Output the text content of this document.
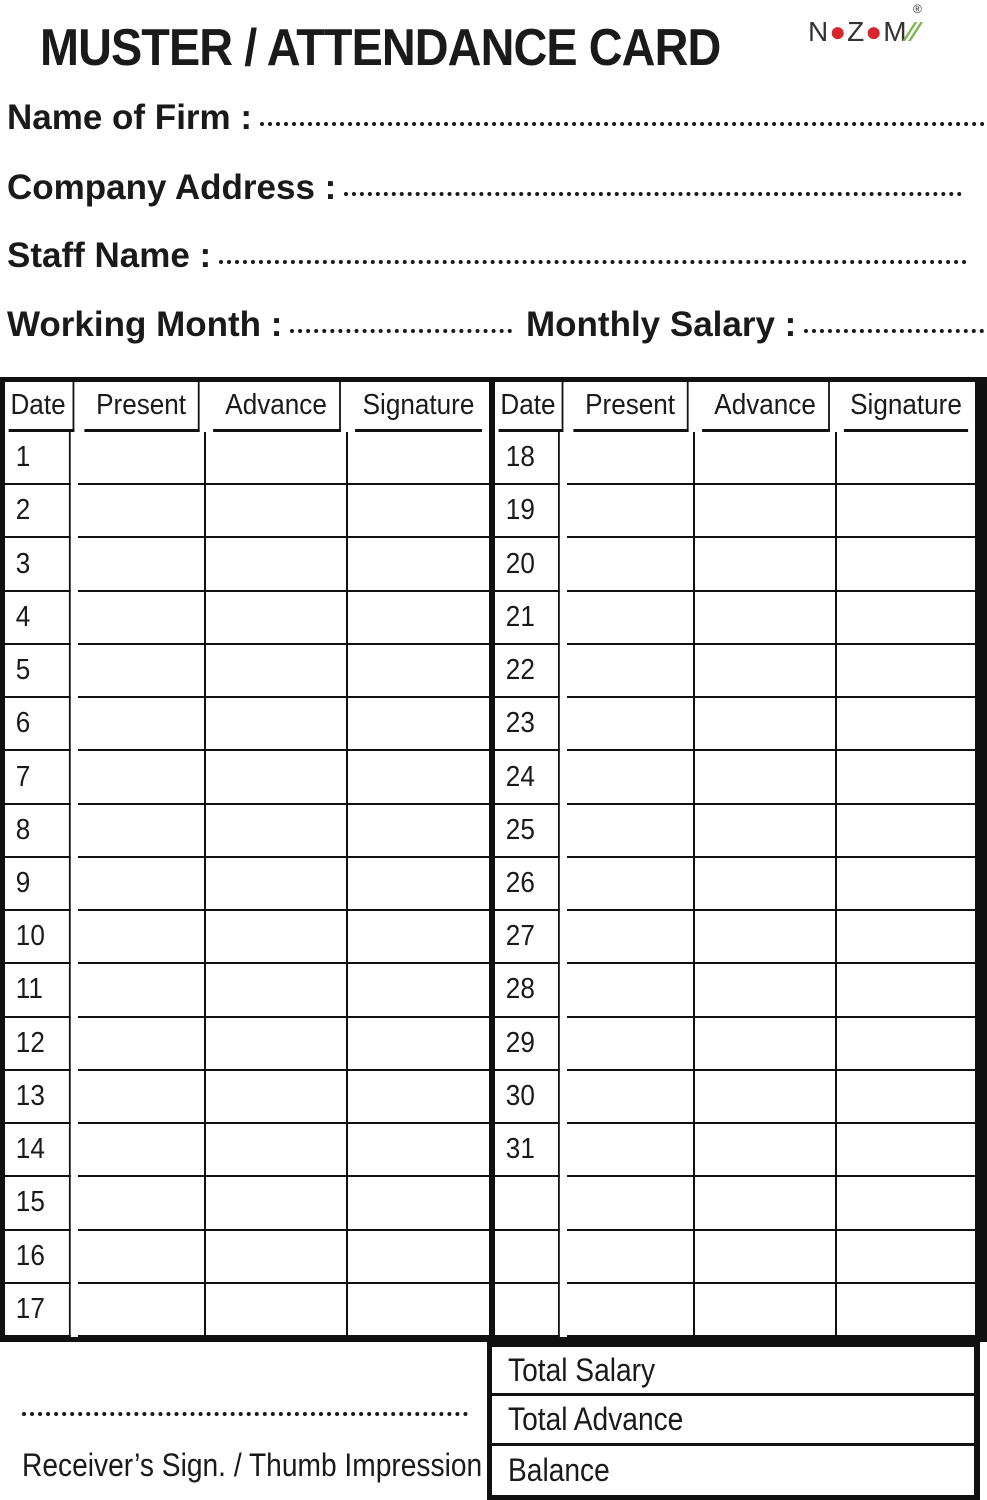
MUSTER / ATTENDANCE CARD	N●Z●M⁄⁄
®
Name of Firm :
Company Address :
Staff Name :
Working Month :	Monthly Salary :
Date	Present	Advance	Signature
1
2
3
4
5
6
7
8
9
10
11
12
13
14
15
16
17
Date	Present	Advance	Signature
18
19
20
21
22
23
24
25
26
27
28
29
30
31
Total Salary
Total Advance
Balance
Receiver’s Sign. / Thumb Impression
